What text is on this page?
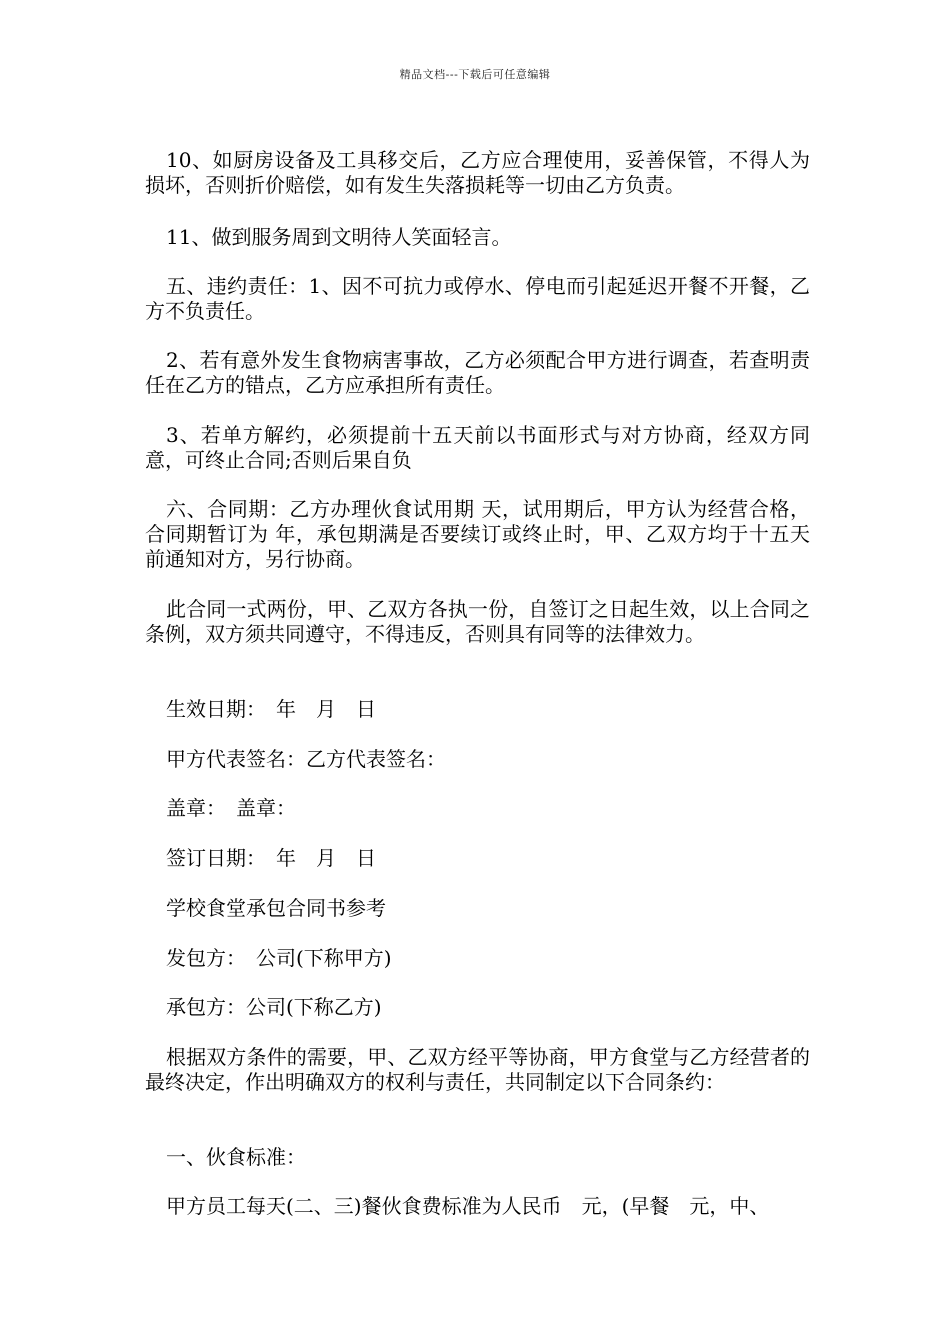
精品文档---下载后可任意编辑
10、如厨房设备及工具移交后，乙方应合理使用，妥善保管，不得人为损坏，否则折价赔偿，如有发生失落损耗等一切由乙方负责。
11、做到服务周到文明待人笑面轻言。
五、违约责任：1、因不可抗力或停水、停电而引起延迟开餐不开餐，乙方不负责任。
2、若有意外发生食物病害事故，乙方必须配合甲方进行调查，若查明责任在乙方的错点，乙方应承担所有责任。
3、若单方解约，必须提前十五天前以书面形式与对方协商，经双方同意，可终止合同;否则后果自负
六、合同期：乙方办理伙食试用期 天，试用期后，甲方认为经营合格，合同期暂订为 年，承包期满是否要续订或终止时，甲、乙双方均于十五天前通知对方，另行协商。
此合同一式两份，甲、乙双方各执一份，自签订之日起生效，以上合同之条例，双方须共同遵守，不得违反，否则具有同等的法律效力。
生效日期：　年　月　日
甲方代表签名：乙方代表签名：
盖章：　盖章：
签订日期：　年　月　日
学校食堂承包合同书参考
发包方：　公司(下称甲方)
承包方：公司(下称乙方)
根据双方条件的需要，甲、乙双方经平等协商，甲方食堂与乙方经营者的最终决定，作出明确双方的权利与责任，共同制定以下合同条约：
一、伙食标准：
甲方员工每天(二、三)餐伙食费标准为人民币　元，(早餐　元，中、
